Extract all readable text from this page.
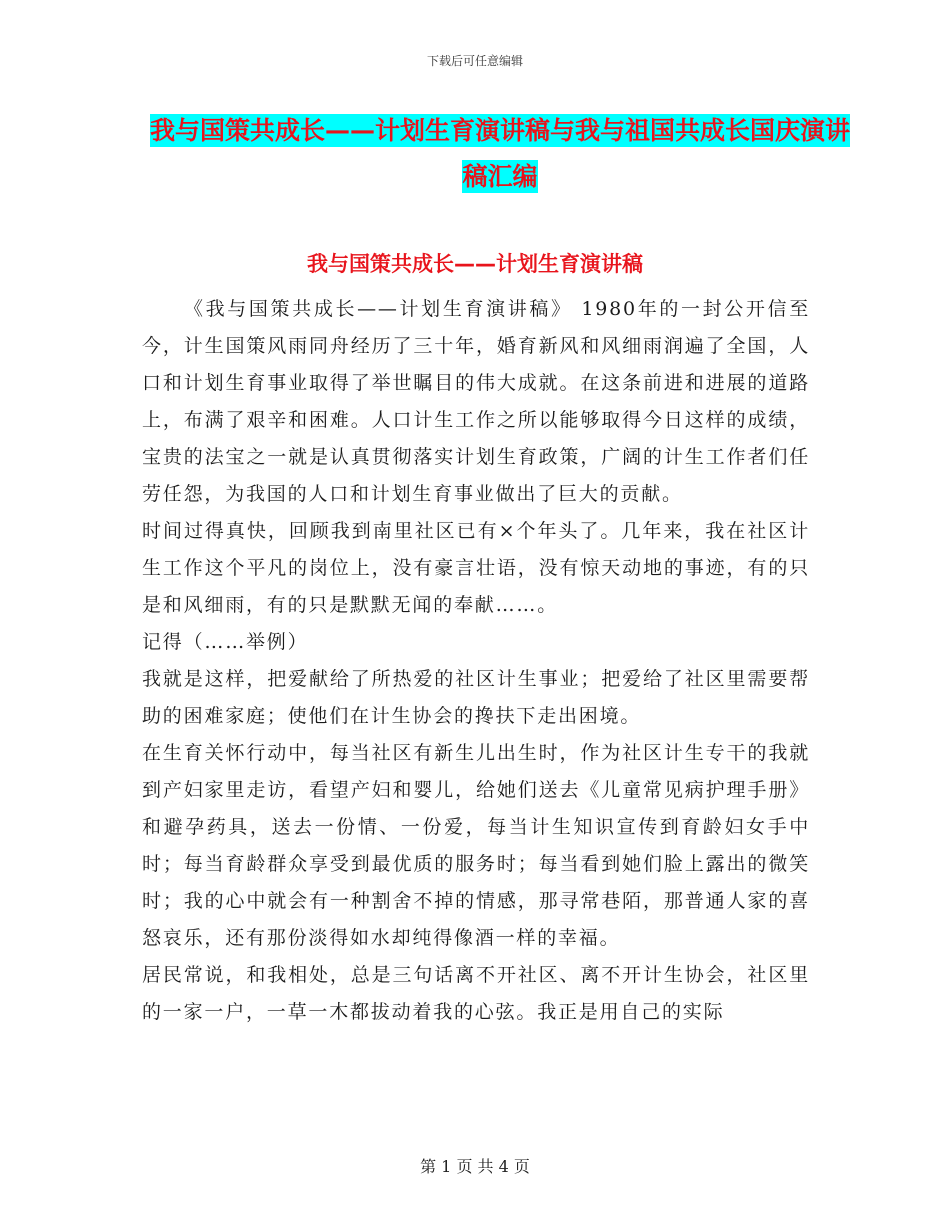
下载后可任意编辑
我与国策共成长——计划生育演讲稿与我与祖国共成长国庆演讲稿汇编
我与国策共成长——计划生育演讲稿

《我与国策共成长——计划生育演讲稿》 1980年的一封公开信至今，计生国策风雨同舟经历了三十年，婚育新风和风细雨润遍了全国，人口和计划生育事业取得了举世瞩目的伟大成就。在这条前进和进展的道路上，布满了艰辛和困难。人口计生工作之所以能够取得今日这样的成绩，宝贵的法宝之一就是认真贯彻落实计划生育政策，广阔的计生工作者们任劳任怨，为我国的人口和计划生育事业做出了巨大的贡献。

时间过得真快，回顾我到南里社区已有×个年头了。几年来，我在社区计生工作这个平凡的岗位上，没有豪言壮语，没有惊天动地的事迹，有的只是和风细雨，有的只是默默无闻的奉献……。

记得（……举例）

我就是这样，把爱献给了所热爱的社区计生事业；把爱给了社区里需要帮助的困难家庭；使他们在计生协会的搀扶下走出困境。

在生育关怀行动中，每当社区有新生儿出生时，作为社区计生专干的我就到产妇家里走访，看望产妇和婴儿，给她们送去《儿童常见病护理手册》和避孕药具，送去一份情、一份爱，每当计生知识宣传到育龄妇女手中时；每当育龄群众享受到最优质的服务时；每当看到她们脸上露出的微笑时；我的心中就会有一种割舍不掉的情感，那寻常巷陌，那普通人家的喜怒哀乐，还有那份淡得如水却纯得像酒一样的幸福。

居民常说，和我相处，总是三句话离不开社区、离不开计生协会，社区里的一家一户，一草一木都拔动着我的心弦。我正是用自己的实际

第 1 页 共 4 页
